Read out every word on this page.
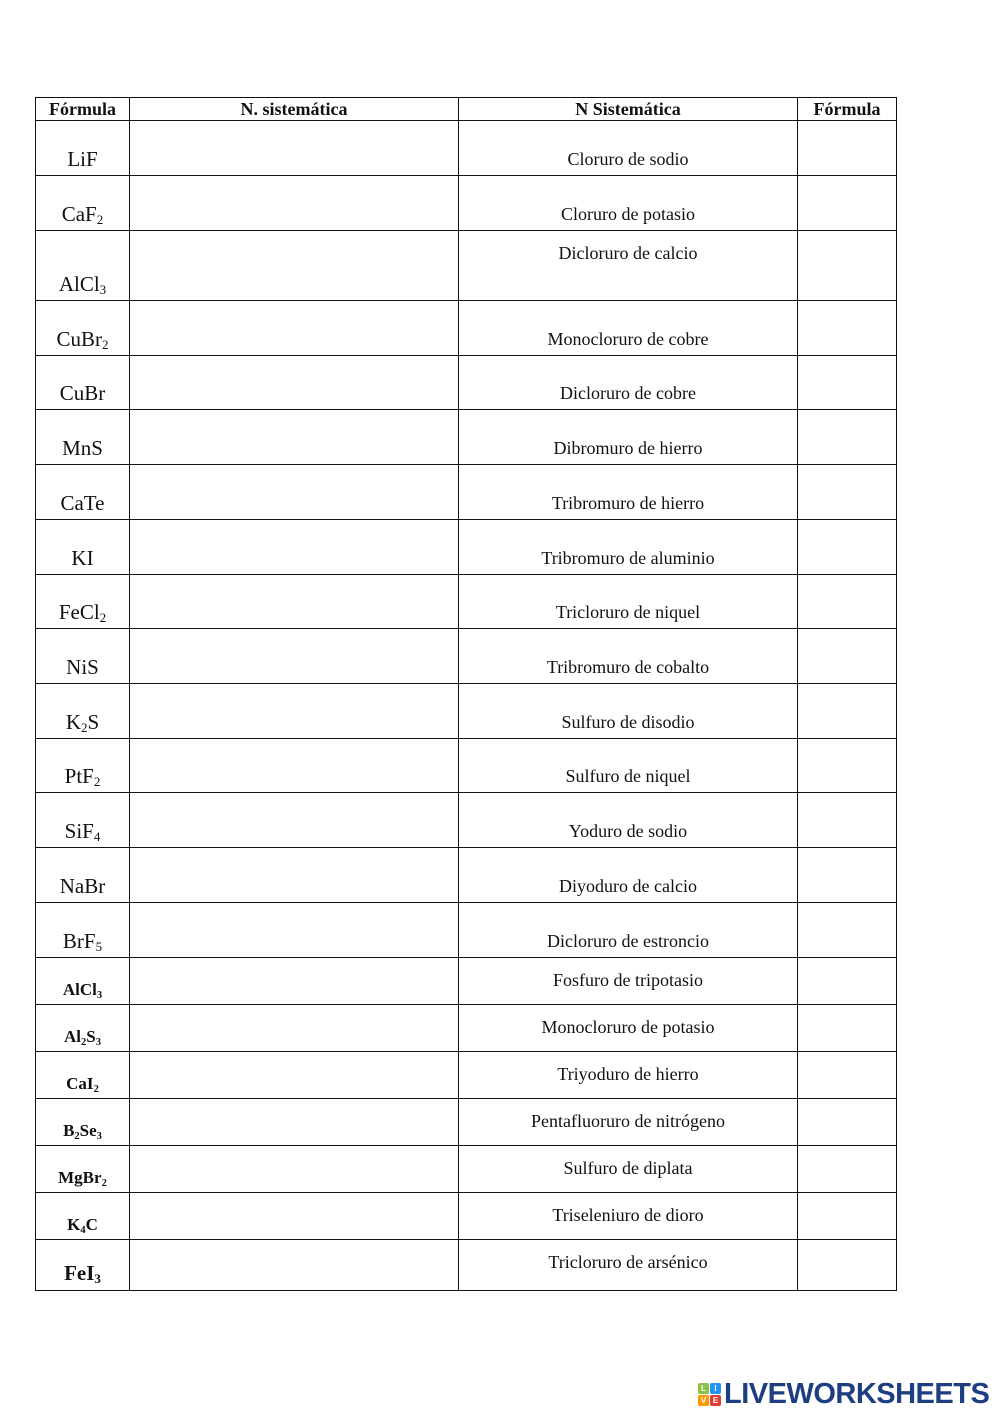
Fórmula	N. sistemática	N Sistemática	Fórmula
LiF		Cloruro de sodio	
CaF$_2$		Cloruro de potasio	
AlCl$_3$		Dicloruro de calcio	
CuBr$_2$		Monocloruro de cobre	
CuBr		Dicloruro de cobre	
MnS		Dibromuro de hierro	
CaTe		Tribromuro de hierro	
KI		Tribromuro de aluminio	
FeCl$_2$		Tricloruro de niquel	
NiS		Tribromuro de cobalto	
$K_2S$		Sulfuro de disodio	
PtF$_2$		Sulfuro de niquel	
SiF$_4$		Yoduro de sodio	
NaBr		Diyoduro de calcio	
BrF$_5$		Dicloruro de estroncio	
AlCl$_3$		Fosfuro de tripotasio	
$Al_2S_3$		Monocloruro de potasio	
CaI$_2$		Triyoduro de hierro	
$B_2Se_3$		Pentafluoruro de nitrógeno	
MgBr$_2$		Sulfuro de diplata	
$K_4C$		Triseleniuro de dioro	
FeI$_3$		Tricloruro de arsénico	
L	I
V E LIVEWORKSHEETS
